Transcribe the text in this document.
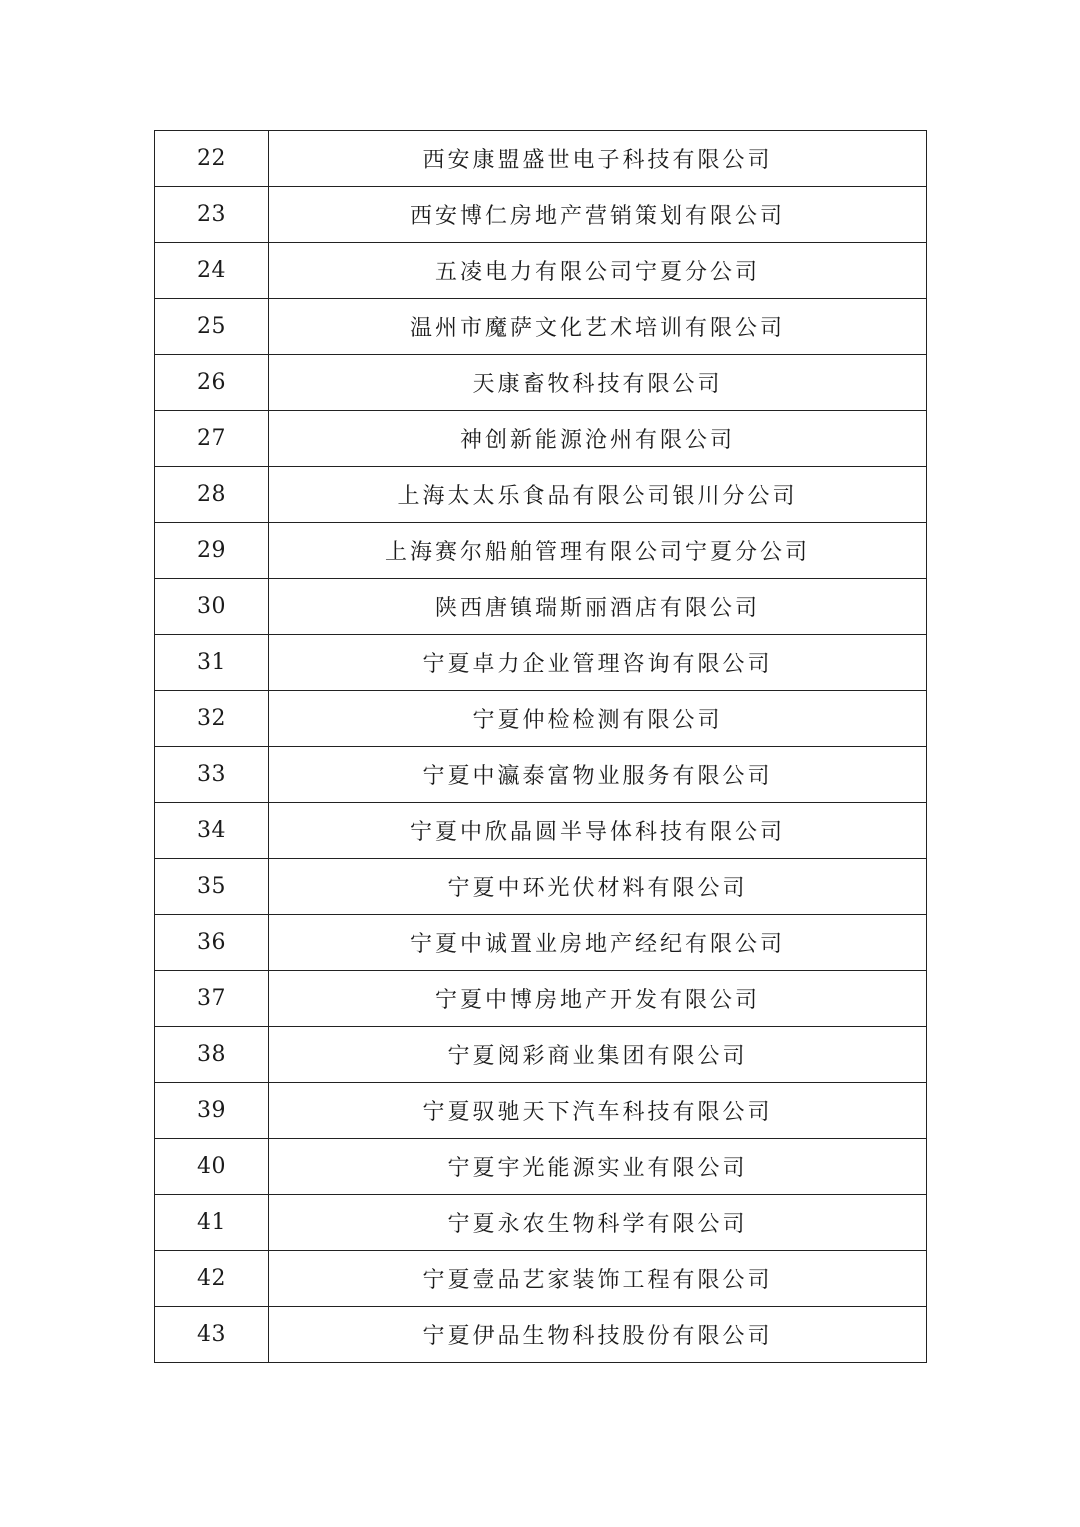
22	西安康盟盛世电子科技有限公司
23	西安博仁房地产营销策划有限公司
24	五凌电力有限公司宁夏分公司
25	温州市魔萨文化艺术培训有限公司
26	天康畜牧科技有限公司
27	神创新能源沧州有限公司
28	上海太太乐食品有限公司银川分公司
29	上海赛尔船舶管理有限公司宁夏分公司
30	陕西唐镇瑞斯丽酒店有限公司
31	宁夏卓力企业管理咨询有限公司
32	宁夏仲检检测有限公司
33	宁夏中瀛泰富物业服务有限公司
34	宁夏中欣晶圆半导体科技有限公司
35	宁夏中环光伏材料有限公司
36	宁夏中诚置业房地产经纪有限公司
37	宁夏中博房地产开发有限公司
38	宁夏阅彩商业集团有限公司
39	宁夏驭驰天下汽车科技有限公司
40	宁夏宇光能源实业有限公司
41	宁夏永农生物科学有限公司
42	宁夏壹品艺家装饰工程有限公司
43	宁夏伊品生物科技股份有限公司
